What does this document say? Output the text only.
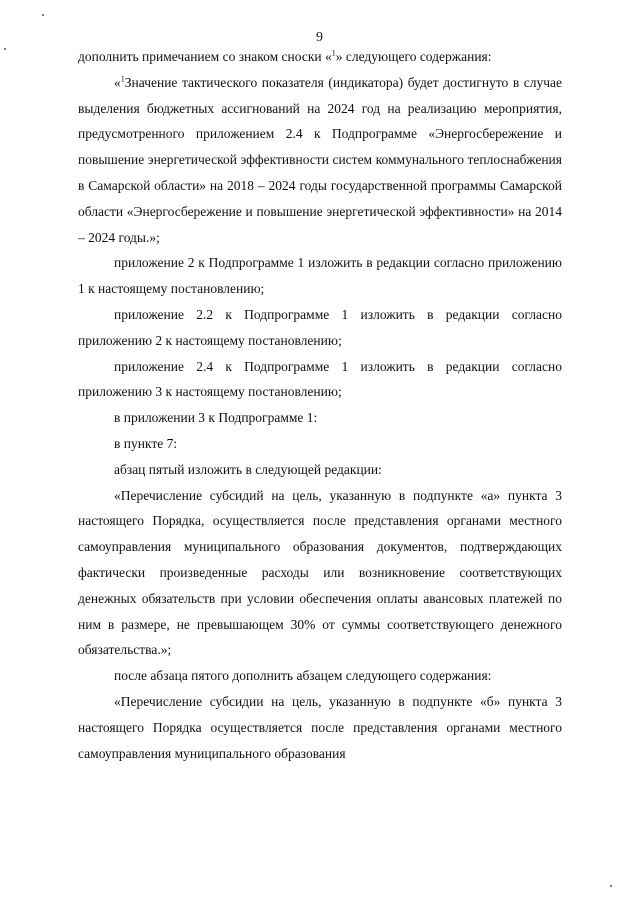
9

дополнить примечанием со знаком сноски «$^1$» следующего содержания:

«$^1$Значение тактического показателя (индикатора) будет достигнуто в случае выделения бюджетных ассигнований на 2024 год на реализацию мероприятия, предусмотренного приложением 2.4 к Подпрограмме «Энергосбережение и повышение энергетической эффективности систем коммунального теплоснабжения в Самарской области» на 2018 – 2024 годы государственной программы Самарской области «Энергосбережение и повышение энергетической эффективности» на 2014 – 2024 годы.»;

приложение 2 к Подпрограмме 1 изложить в редакции согласно приложению 1 к настоящему постановлению;

приложение 2.2 к Подпрограмме 1 изложить в редакции согласно приложению 2 к настоящему постановлению;

приложение 2.4 к Подпрограмме 1 изложить в редакции согласно приложению 3 к настоящему постановлению;

в приложении 3 к Подпрограмме 1:

в пункте 7:

абзац пятый изложить в следующей редакции:

«Перечисление субсидий на цель, указанную в подпункте «а» пункта 3 настоящего Порядка, осуществляется после представления органами местного самоуправления муниципального образования документов, подтверждающих фактически произведенные расходы или возникновение соответствующих денежных обязательств при условии обеспечения оплаты авансовых платежей по ним в размере, не превышающем 30% от суммы соответствующего денежного обязательства.»;

после абзаца пятого дополнить абзацем следующего содержания:

«Перечисление субсидии на цель, указанную в подпункте «б» пункта 3 настоящего Порядка осуществляется после представления органами местного самоуправления муниципального образования
